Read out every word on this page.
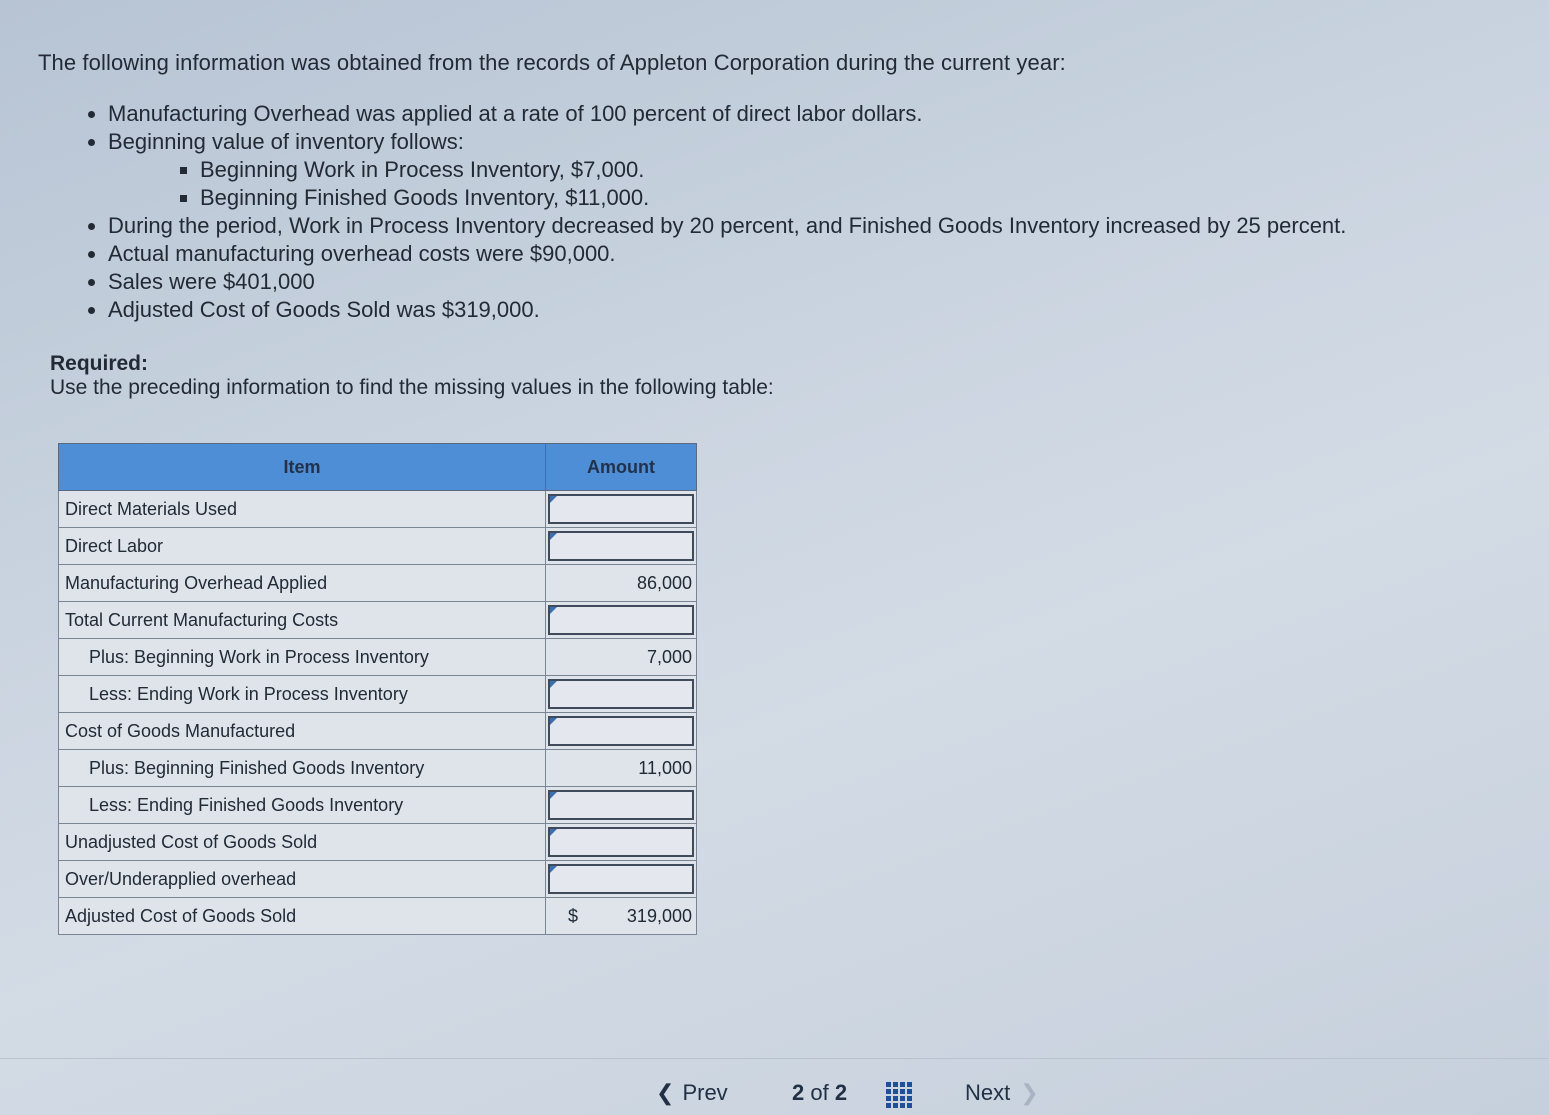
The following information was obtained from the records of Appleton Corporation during the current year:
• Manufacturing Overhead was applied at a rate of 100 percent of direct labor dollars.
• Beginning value of inventory follows:
▪ Beginning Work in Process Inventory, $7,000.
▪ Beginning Finished Goods Inventory, $11,000.
• During the period, Work in Process Inventory decreased by 20 percent, and Finished Goods Inventory increased by 25 percent.
• Actual manufacturing overhead costs were $90,000.
• Sales were $401,000
• Adjusted Cost of Goods Sold was $319,000.
Required:
Use the preceding information to find the missing values in the following table:
Item	Amount
Direct Materials Used	

Direct Labor	

Manufacturing Overhead Applied	86,000
Total Current Manufacturing Costs	

Plus: Beginning Work in Process Inventory	7,000
Less: Ending Work in Process Inventory	

Cost of Goods Manufactured	

Plus: Beginning Finished Goods Inventory	11,000
Less: Ending Finished Goods Inventory	

Unadjusted Cost of Goods Sold	

Over/Underapplied overhead	

Adjusted Cost of Goods Sold	$ 319,000
❮ Prev	2 of 2	Next ❯
